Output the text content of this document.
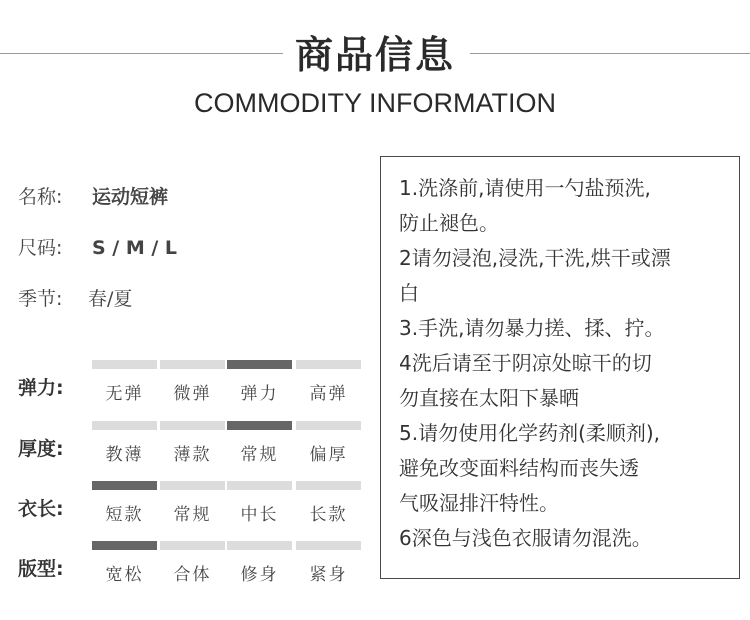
商品信息
COMMODITY INFORMATION
名称: 运动短裤
尺码: S / M / L
季节: 春/夏
弹力:	无弹	微弹	弹力	高弹
厚度:	教薄	薄款	常规	偏厚
衣长:	短款	常规	中长	长款
版型:	宽松	合体	修身	紧身
1.洗涤前,请使用一勺盐预洗,
防止褪色。
2请勿浸泡,浸洗,干洗,烘干或漂
白
3.手洗,请勿暴力搓、揉、拧。
4洗后请至于阴凉处晾干的切
勿直接在太阳下暴晒
5.请勿使用化学药剂(柔顺剂),
避免改变面料结构而丧失透
气吸湿排汗特性。
6深色与浅色衣服请勿混洗。
